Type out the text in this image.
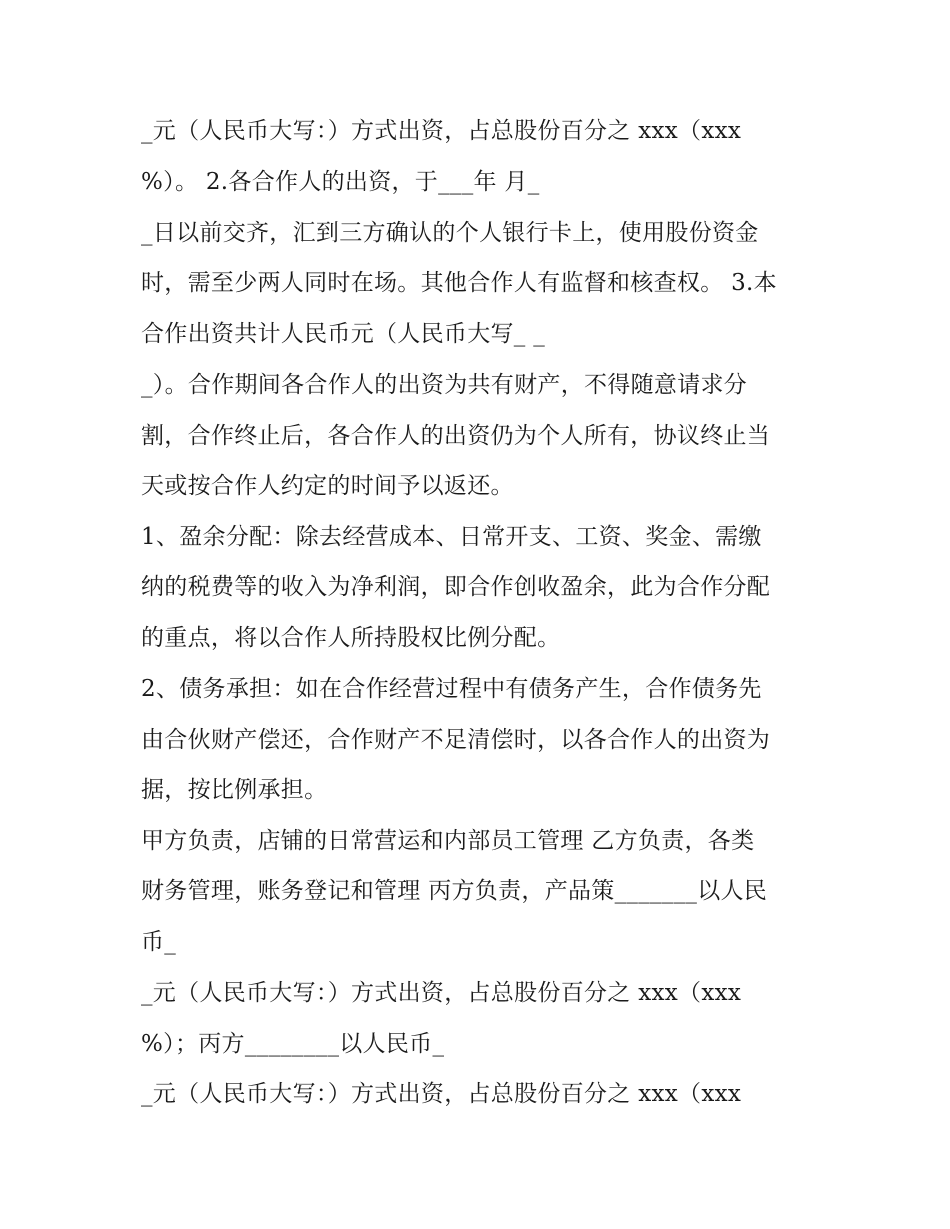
_元（人民币大写：）方式出资，占总股份百分之 xxx（xxx
%）。 2.各合作人的出资，于___年 月_
_日以前交齐，汇到三方确认的个人银行卡上，使用股份资金
时，需至少两人同时在场。其他合作人有监督和核查权。 3.本
合作出资共计人民币元（人民币大写_ _
_）。合作期间各合作人的出资为共有财产，不得随意请求分
割，合作终止后，各合作人的出资仍为个人所有，协议终止当
天或按合作人约定的时间予以返还。
1、盈余分配：除去经营成本、日常开支、工资、奖金、需缴
纳的税费等的收入为净利润，即合作创收盈余，此为合作分配
的重点，将以合作人所持股权比例分配。
2、债务承担：如在合作经营过程中有债务产生，合作债务先
由合伙财产偿还，合作财产不足清偿时，以各合作人的出资为
据，按比例承担。
甲方负责，店铺的日常营运和内部员工管理 乙方负责，各类
财务管理，账务登记和管理 丙方负责，产品策_______以人民
币_
_元（人民币大写：）方式出资，占总股份百分之 xxx（xxx
%）；丙方________以人民币_
_元（人民币大写：）方式出资，占总股份百分之 xxx（xxx
